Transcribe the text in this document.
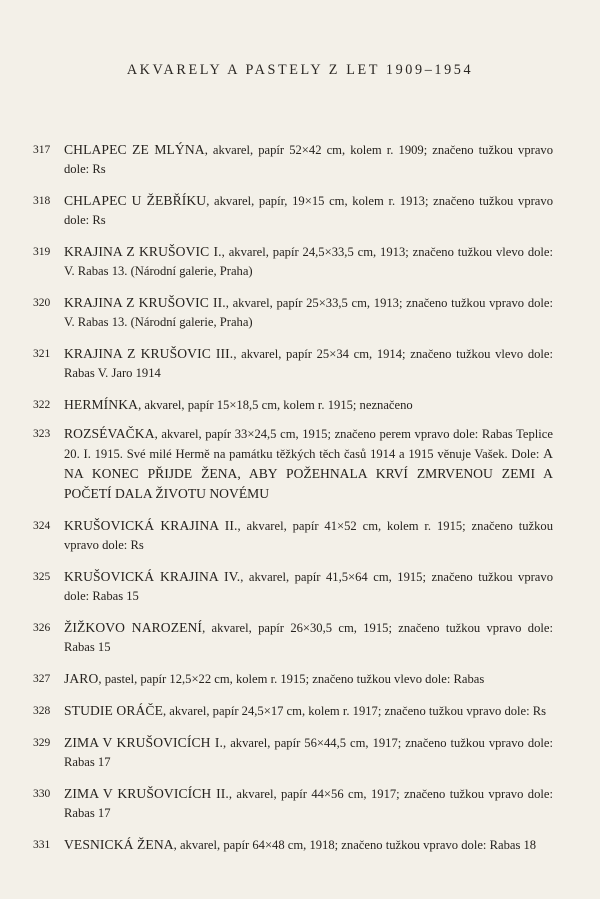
AKVARELY A PASTELY Z LET 1909–1954
317 CHLAPEC ZE MLÝNA, akvarel, papír 52×42 cm, kolem r. 1909; značeno tužkou vpravo dole: Rs
318 CHLAPEC U ŽEBŘÍKU, akvarel, papír, 19×15 cm, kolem r. 1913; značeno tužkou vpravo dole: Rs
319 KRAJINA Z KRUŠOVIC I., akvarel, papír 24,5×33,5 cm, 1913; značeno tužkou vlevo dole: V. Rabas 13. (Národní galerie, Praha)
320 KRAJINA Z KRUŠOVIC II., akvarel, papír 25×33,5 cm, 1913; značeno tužkou vpravo dole: V. Rabas 13. (Národní galerie, Praha)
321 KRAJINA Z KRUŠOVIC III., akvarel, papír 25×34 cm, 1914; značeno tužkou vlevo dole: Rabas V. Jaro 1914
322 HERMÍNKA, akvarel, papír 15×18,5 cm, kolem r. 1915; neznačeno
323 ROZSÉVAČKA, akvarel, papír 33×24,5 cm, 1915; značeno perem vpravo dole: Rabas Teplice 20. I. 1915. Své milé Hermě na památku těžkých těch časů 1914 a 1915 věnuje Vašek. Dole: A NA KONEC PŘIJDE ŽENA, ABY POŽEHNALA KRVÍ ZMRVENOU ZEMI A POČETÍ DALA ŽIVOTU NOVÉMU
324 KRUŠOVICKÁ KRAJINA II., akvarel, papír 41×52 cm, kolem r. 1915; značeno tužkou vpravo dole: Rs
325 KRUŠOVICKÁ KRAJINA IV., akvarel, papír 41,5×64 cm, 1915; značeno tužkou vpravo dole: Rabas 15
326 ŽIŽKOVO NAROZENÍ, akvarel, papír 26×30,5 cm, 1915; značeno tužkou vpravo dole: Rabas 15
327 JARO, pastel, papír 12,5×22 cm, kolem r. 1915; značeno tužkou vlevo dole: Rabas
328 STUDIE ORÁČE, akvarel, papír 24,5×17 cm, kolem r. 1917; značeno tužkou vpravo dole: Rs
329 ZIMA V KRUŠOVICÍCH I., akvarel, papír 56×44,5 cm, 1917; značeno tužkou vpravo dole: Rabas 17
330 ZIMA V KRUŠOVICÍCH II., akvarel, papír 44×56 cm, 1917; značeno tužkou vpravo dole: Rabas 17
331 VESNICKÁ ŽENA, akvarel, papír 64×48 cm, 1918; značeno tužkou vpravo dole: Rabas 18
